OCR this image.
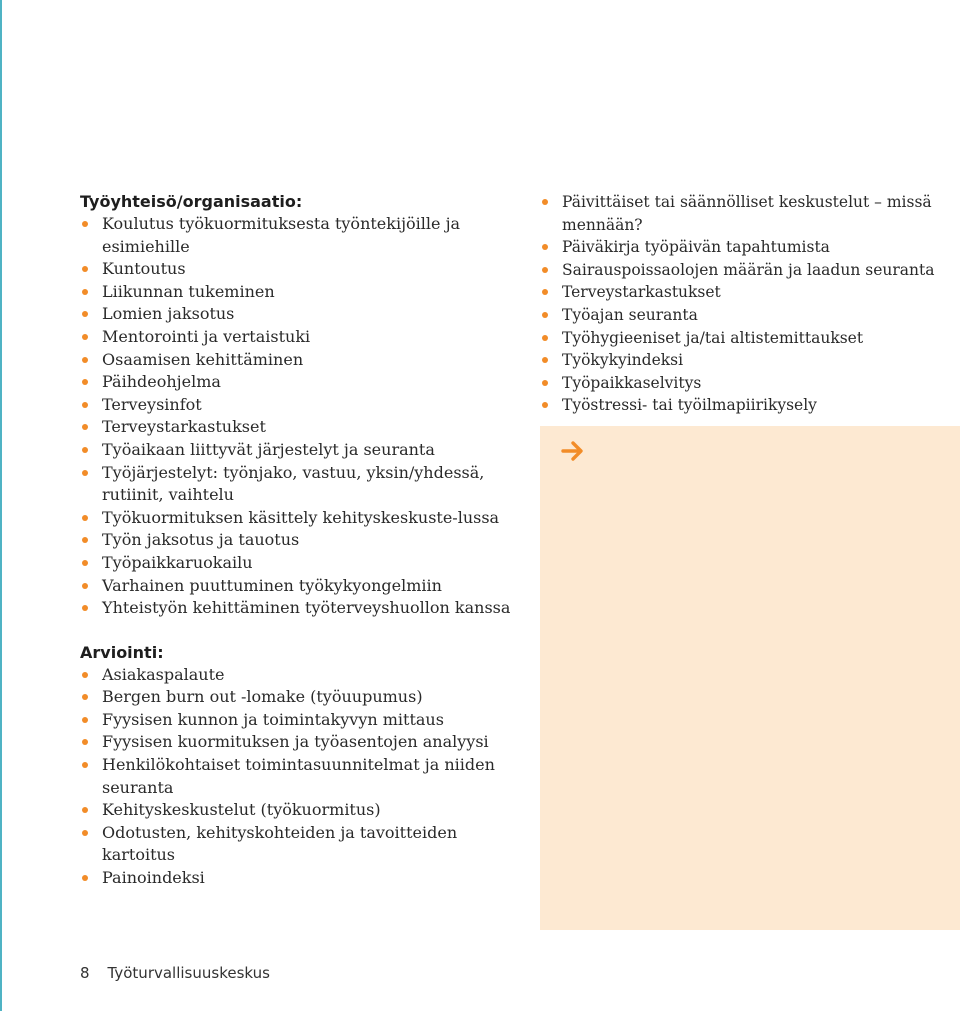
Työyhteisö/organisaatio:

Koulutus työkuormituksesta työntekijöille ja esimiehille
Kuntoutus
Liikunnan tukeminen
Lomien jaksotus
Mentorointi ja vertaistuki
Osaamisen kehittäminen
Päihdeohjelma
Terveysinfot
Terveystarkastukset
Työaikaan liittyvät järjestelyt ja seuranta
Työjärjestelyt: työnjako, vastuu, yksin/yhdessä, rutiinit, vaihtelu
Työkuormituksen käsittely kehityskeskuste-lussa
Työn jaksotus ja tauotus
Työpaikkaruokailu
Varhainen puuttuminen työkykyongelmiin
Yhteistyön kehittäminen työterveyshuollon kanssa

Arviointi:

Asiakaspalaute
Bergen burn out -lomake (työuupumus)
Fyysisen kunnon ja toimintakyvyn mittaus
Fyysisen kuormituksen ja työasentojen analyysi
Henkilökohtaiset toimintasuunnitelmat ja niiden seuranta
Kehityskeskustelut (työkuormitus)
Odotusten, kehityskohteiden ja tavoitteiden kartoitus
Painoindeksi
Päivittäiset tai säännölliset keskustelut – missä mennään?
Päiväkirja työpäivän tapahtumista
Sairauspoissaolojen määrän ja laadun seuranta
Terveystarkastukset
Työajan seuranta
Työhygieeniset ja/tai altistemittaukset
Työkykyindeksi
Työpaikkaselvitys
Työstressi- tai työilmapiirikysely
8 Työturvallisuuskeskus
